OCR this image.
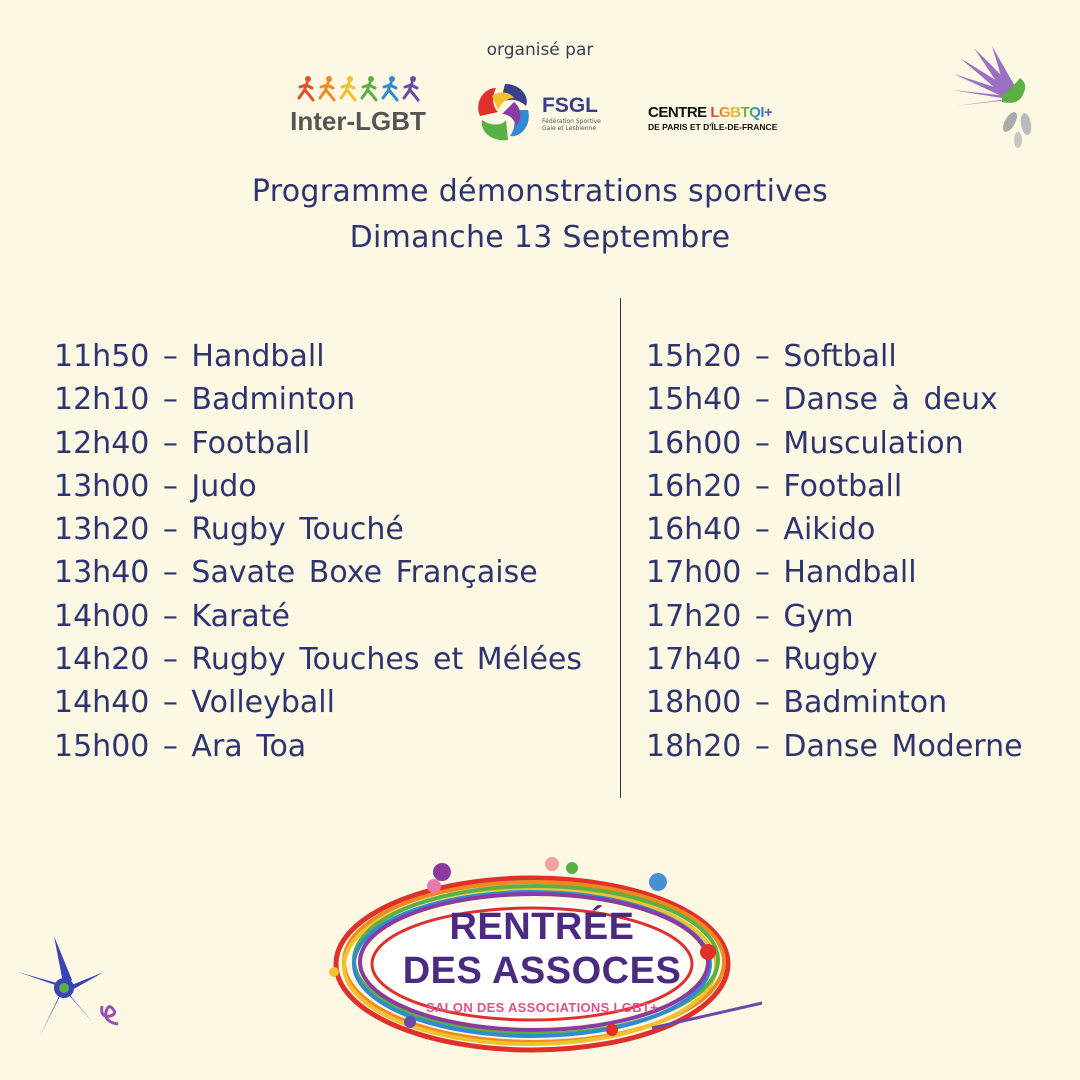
organisé par
Inter-LGBT
FSGL
Fédération Sportive Gaie et Lesbienne
CENTRE LGBTQI+
DE PARIS ET D'ÎLE-DE-FRANCE
Programme démonstrations sportives
Dimanche 13 Septembre
11h50 – Handball
12h10 – Badminton
12h40 – Football
13h00 – Judo
13h20 – Rugby Touché
13h40 – Savate Boxe Française
14h00 – Karaté
14h20 – Rugby Touches et Mélées
14h40 – Volleyball
15h00 – Ara Toa
15h20 – Softball
15h40 – Danse à deux
16h00 – Musculation
16h20 – Football
16h40 – Aikido
17h00 – Handball
17h20 – Gym
17h40 – Rugby
18h00 – Badminton
18h20 – Danse Moderne
RENTRÉE
DES ASSOCES
SALON DES ASSOCIATIONS LGBT+
